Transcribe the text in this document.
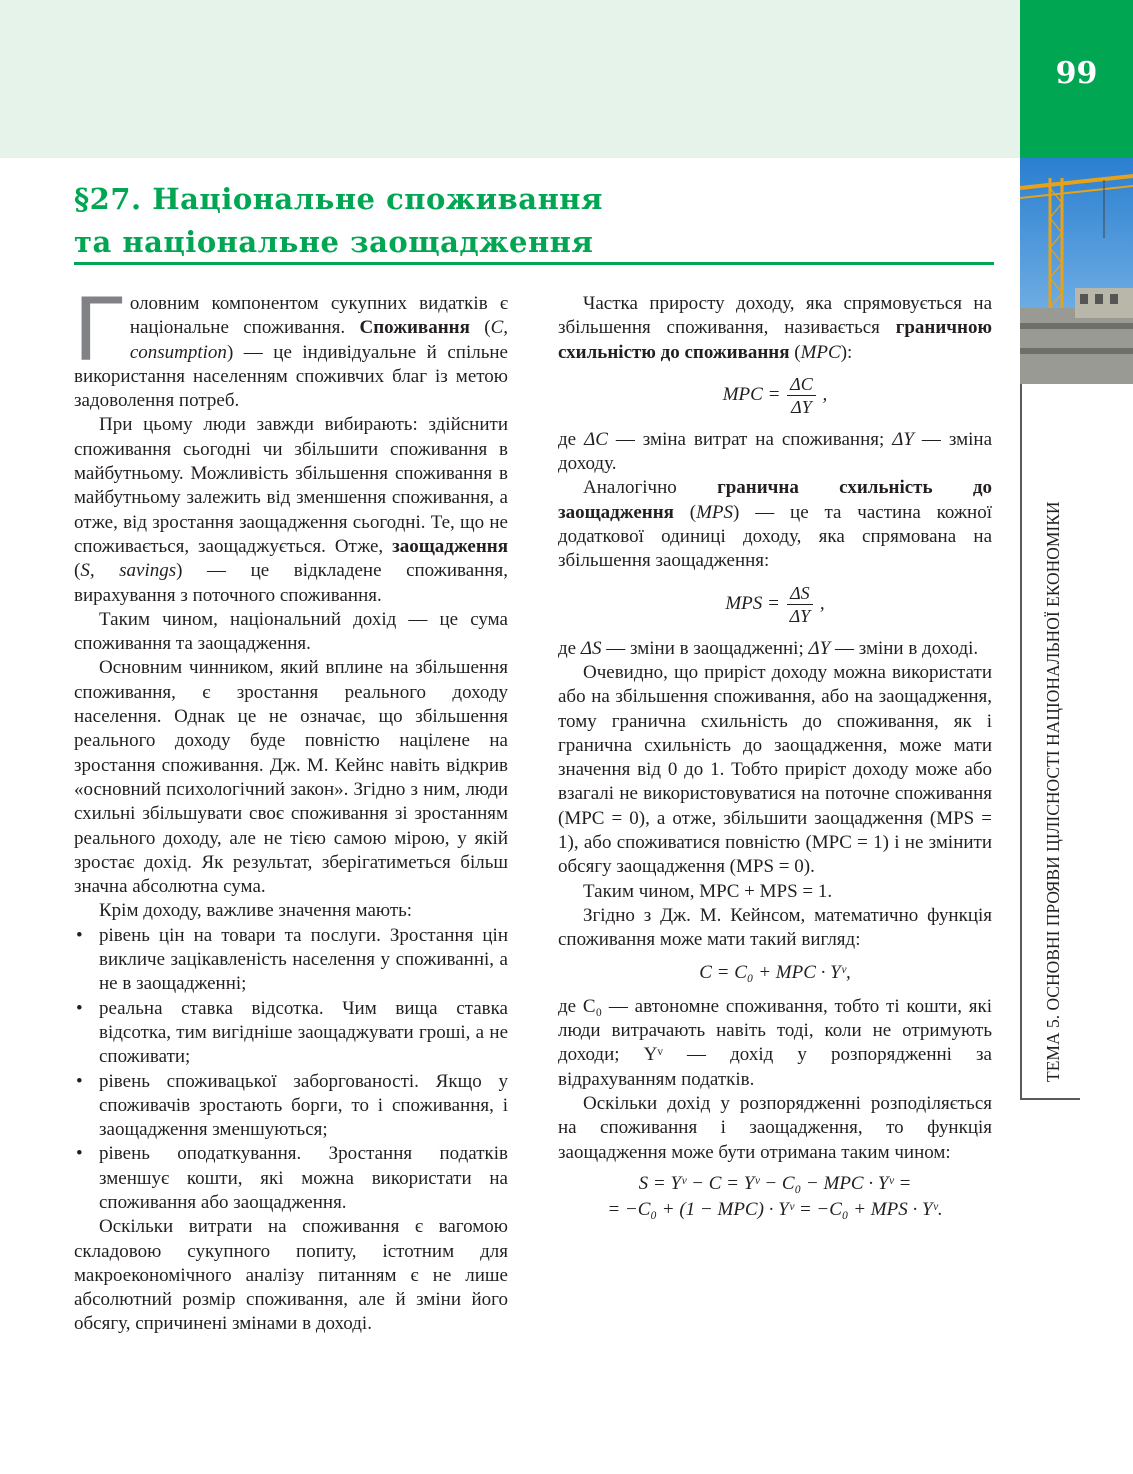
99
ТЕМА 5. ОСНОВНІ ПРОЯВИ ЦІЛІСНОСТІ НАЦІОНАЛЬНОЇ ЕКОНОМІКИ
§27. Національне споживання
та національне заощадження

Головним компонентом сукупних видатків є національне споживання. Споживання (C, consumption) — це індивідуальне й спільне використання населенням споживчих благ із метою задоволення потреб.

При цьому люди завжди вибирають: здійснити споживання сьогодні чи збільшити споживання в майбутньому. Можливість збільшення споживання в майбутньому залежить від зменшення споживання, а отже, від зростання заощадження сьогодні. Те, що не споживається, заощаджується. Отже, заощадження (S, savings) — це відкладене споживання, вирахування з поточного споживання.

Таким чином, національний дохід — це сума споживання та заощадження.

Основним чинником, який вплине на збільшення споживання, є зростання реального доходу населення. Однак це не означає, що збільшення реального доходу буде повністю націлене на зростання споживання. Дж. М. Кейнс навіть відкрив «основний психологічний закон». Згідно з ним, люди схильні збільшувати своє споживання зі зростанням реального доходу, але не тією самою мірою, у якій зростає дохід. Як результат, зберігатиметься більш значна абсолютна сума.

Крім доходу, важливе значення мають:

• рівень цін на товари та послуги. Зростання цін викличе зацікавленість населення у споживанні, а не в заощадженні;
• реальна ставка відсотка. Чим вища ставка відсотка, тим вигідніше заощаджувати гроші, а не споживати;
• рівень споживацької заборгованості. Якщо у споживачів зростають борги, то і споживання, і заощадження зменшуються;
• рівень оподаткування. Зростання податків зменшує кошти, які можна використати на споживання або заощадження.

Оскільки витрати на споживання є вагомою складовою сукупного попиту, істотним для макроекономічного аналізу питанням є не лише абсолютний розмір споживання, але й зміни його обсягу, спричинені змінами в доході.

Частка приросту доходу, яка спрямовується на збільшення споживання, називається граничною схильністю до споживання (MPC):

MPC = $\frac{\Delta C}{\Delta Y}$ ,

де ΔC — зміна витрат на споживання; ΔY — зміна доходу.

Аналогічно гранична схильність до заощадження (MPS) — це та частина кожної додаткової одиниці доходу, яка спрямована на збільшення заощадження:

MPS = $\frac{\Delta S}{\Delta Y}$ ,

де ΔS — зміни в заощадженні; ΔY — зміни в доході.

Очевидно, що приріст доходу можна використати або на збільшення споживання, або на заощадження, тому гранична схильність до споживання, як і гранична схильність до заощадження, може мати значення від 0 до 1. Тобто приріст доходу може або взагалі не використовуватися на поточне споживання (MPC = 0), а отже, збільшити заощадження (MPS = 1), або споживатися повністю (MPC = 1) і не змінити обсягу заощадження (MPS = 0).

Таким чином, MPC + MPS = 1.

Згідно з Дж. М. Кейнсом, математично функція споживання може мати такий вигляд:

C = C₀ + MPC · Yᵛ,

де C₀ — автономне споживання, тобто ті кошти, які люди витрачають навіть тоді, коли не отримують доходи; Yᵛ — дохід у розпорядженні за відрахуванням податків.

Оскільки дохід у розпорядженні розподіляється на споживання і заощадження, то функція заощадження може бути отримана таким чином:

S = Yᵛ − C = Yᵛ − C₀ − MPC · Yᵛ =
= −C₀ + (1 − MPC) · Yᵛ = −C₀ + MPS · Yᵛ.
